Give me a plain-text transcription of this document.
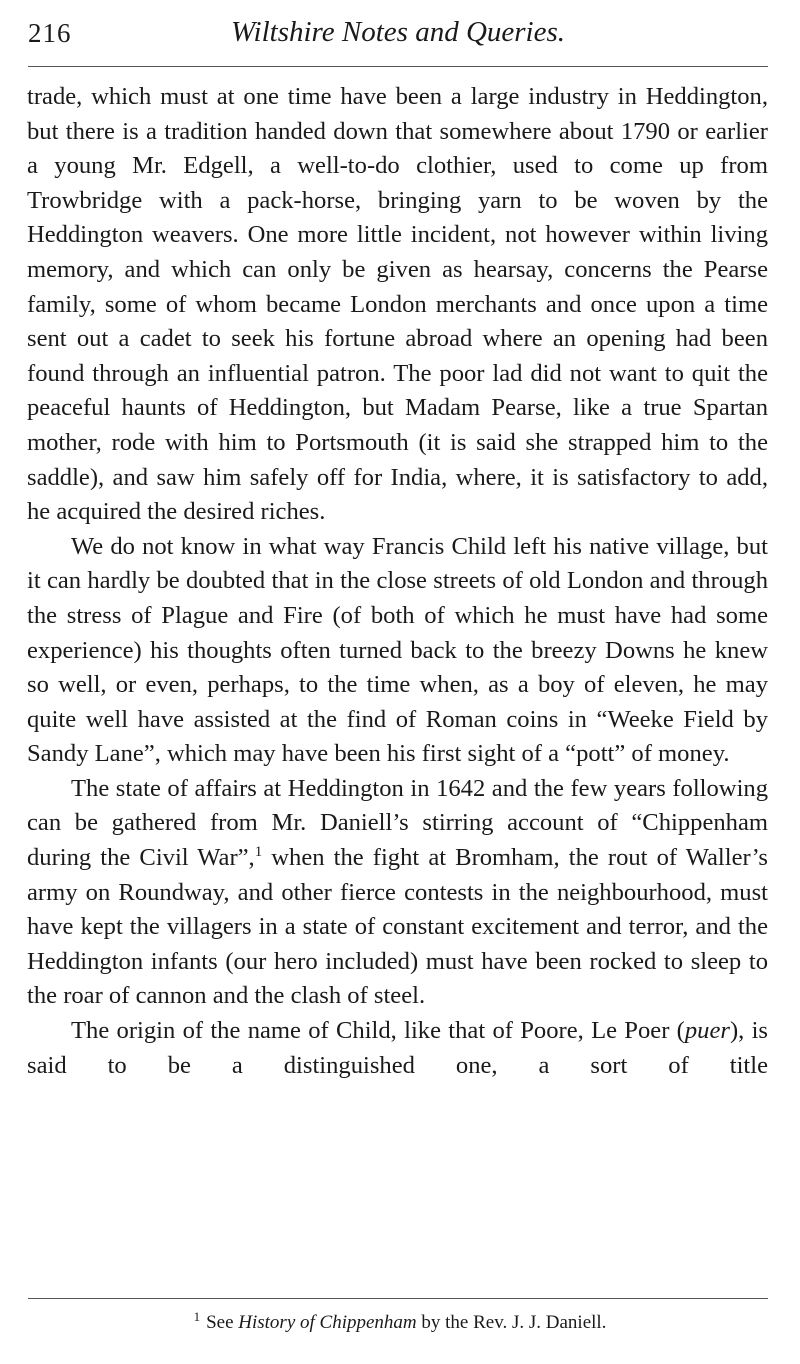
216	Wiltshire Notes and Queries.

trade, which must at one time have been a large industry in Heddington, but there is a tradition handed down that somewhere about 1790 or earlier a young Mr. Edgell, a well-to-do clothier, used to come up from Trowbridge with a pack-horse, bringing yarn to be woven by the Heddington weavers. One more little incident, not however within living memory, and which can only be given as hearsay, concerns the Pearse family, some of whom became London merchants and once upon a time sent out a cadet to seek his fortune abroad where an opening had been found through an influential patron. The poor lad did not want to quit the peaceful haunts of Heddington, but Madam Pearse, like a true Spartan mother, rode with him to Portsmouth (it is said she strapped him to the saddle), and saw him safely off for India, where, it is satisfactory to add, he acquired the desired riches.

We do not know in what way Francis Child left his native village, but it can hardly be doubted that in the close streets of old London and through the stress of Plague and Fire (of both of which he must have had some experience) his thoughts often turned back to the breezy Downs he knew so well, or even, perhaps, to the time when, as a boy of eleven, he may quite well have assisted at the find of Roman coins in “Weeke Field by Sandy Lane”, which may have been his first sight of a “pott” of money.

The state of affairs at Heddington in 1642 and the few years following can be gathered from Mr. Daniell’s stirring account of “Chippenham during the Civil War”,$^1$ when the fight at Bromham, the rout of Waller’s army on Roundway, and other fierce contests in the neighbourhood, must have kept the villagers in a state of constant excitement and terror, and the Heddington infants (our hero included) must have been rocked to sleep to the roar of cannon and the clash of steel.

The origin of the name of Child, like that of Poore, Le Poer (puer), is said to be a distinguished one, a sort of title

$^1$ See History of Chippenham by the Rev. J. J. Daniell.
